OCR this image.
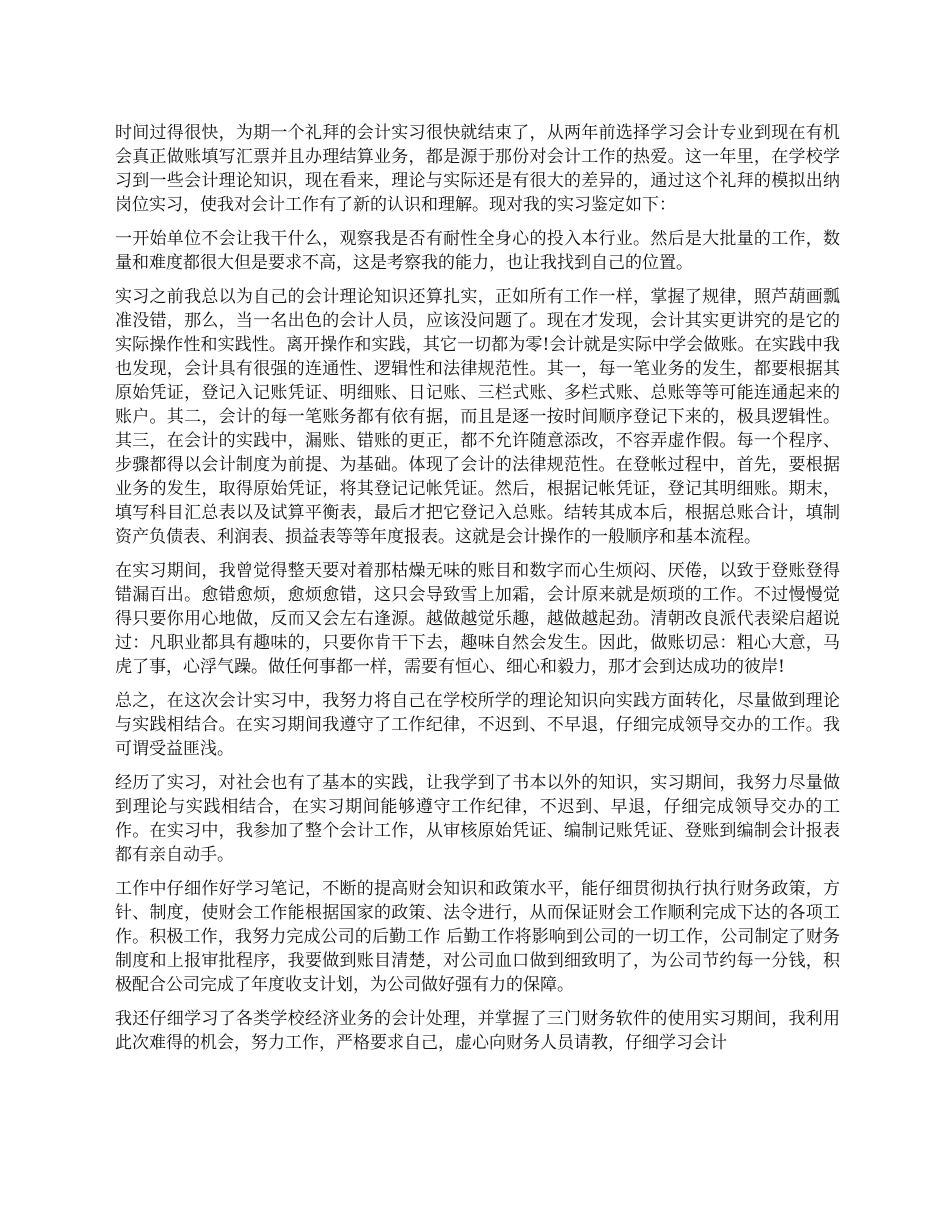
时间过得很快，为期一个礼拜的会计实习很快就结束了，从两年前选择学习会计专业到现在有机会真正做账填写汇票并且办理结算业务，都是源于那份对会计工作的热爱。这一年里，在学校学习到一些会计理论知识，现在看来，理论与实际还是有很大的差异的，通过这个礼拜的模拟出纳岗位实习，使我对会计工作有了新的认识和理解。现对我的实习鉴定如下：

一开始单位不会让我干什么，观察我是否有耐性全身心的投入本行业。然后是大批量的工作，数量和难度都很大但是要求不高，这是考察我的能力，也让我找到自己的位置。

实习之前我总以为自己的会计理论知识还算扎实，正如所有工作一样，掌握了规律，照芦葫画瓢准没错，那么，当一名出色的会计人员，应该没问题了。现在才发现，会计其实更讲究的是它的实际操作性和实践性。离开操作和实践，其它一切都为零!会计就是实际中学会做账。在实践中我也发现，会计具有很强的连通性、逻辑性和法律规范性。其一，每一笔业务的发生，都要根据其原始凭证，登记入记账凭证、明细账、日记账、三栏式账、多栏式账、总账等等可能连通起来的账户。其二，会计的每一笔账务都有依有据，而且是逐一按时间顺序登记下来的，极具逻辑性。其三，在会计的实践中，漏账、错账的更正，都不允许随意添改，不容弄虚作假。每一个程序、步骤都得以会计制度为前提、为基础。体现了会计的法律规范性。在登帐过程中，首先，要根据业务的发生，取得原始凭证，将其登记记帐凭证。然后，根据记帐凭证，登记其明细账。期末，填写科目汇总表以及试算平衡表，最后才把它登记入总账。结转其成本后，根据总账合计，填制资产负债表、利润表、损益表等等年度报表。这就是会计操作的一般顺序和基本流程。

在实习期间，我曾觉得整天要对着那枯燥无味的账目和数字而心生烦闷、厌倦，以致于登账登得错漏百出。愈错愈烦，愈烦愈错，这只会导致雪上加霜，会计原来就是烦琐的工作。不过慢慢觉得只要你用心地做，反而又会左右逢源。越做越觉乐趣，越做越起劲。清朝改良派代表梁启超说过：凡职业都具有趣味的，只要你肯干下去，趣味自然会发生。因此，做账切忌：粗心大意，马虎了事，心浮气躁。做任何事都一样，需要有恒心、细心和毅力，那才会到达成功的彼岸!

总之，在这次会计实习中，我努力将自己在学校所学的理论知识向实践方面转化，尽量做到理论与实践相结合。在实习期间我遵守了工作纪律，不迟到、不早退，仔细完成领导交办的工作。我可谓受益匪浅。

经历了实习，对社会也有了基本的实践，让我学到了书本以外的知识，实习期间，我努力尽量做到理论与实践相结合，在实习期间能够遵守工作纪律，不迟到、早退，仔细完成领导交办的工作。在实习中，我参加了整个会计工作，从审核原始凭证、编制记账凭证、登账到编制会计报表都有亲自动手。

工作中仔细作好学习笔记，不断的提高财会知识和政策水平，能仔细贯彻执行执行财务政策，方针、制度，使财会工作能根据国家的政策、法令进行，从而保证财会工作顺利完成下达的各项工作。积极工作，我努力完成公司的后勤工作 后勤工作将影响到公司的一切工作，公司制定了财务制度和上报审批程序，我要做到账目清楚，对公司血口做到细致明了，为公司节约每一分钱，积极配合公司完成了年度收支计划，为公司做好强有力的保障。

我还仔细学习了各类学校经济业务的会计处理，并掌握了三门财务软件的使用实习期间，我利用此次难得的机会，努力工作，严格要求自己，虚心向财务人员请教，仔细学习会计
